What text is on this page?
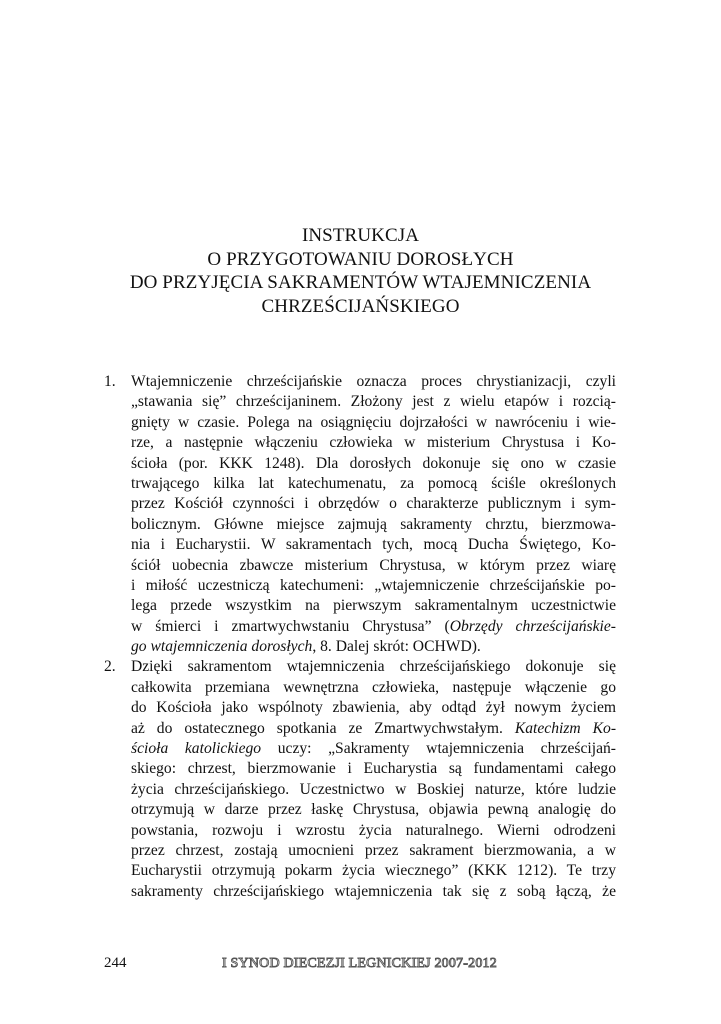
INSTRUKCJA
O PRZYGOTOWANIU DOROSŁYCH
DO PRZYJĘCIA SAKRAMENTÓW WTAJEMNICZENIA
CHRZEŚCIJAŃSKIEGO
1. Wtajemniczenie chrześcijańskie oznacza proces chrystianizacji, czyli
„stawania się” chrześcijaninem. Złożony jest z wielu etapów i rozcią-
gnięty w czasie. Polega na osiągnięciu dojrzałości w nawróceniu i wie-
rze, a następnie włączeniu człowieka w misterium Chrystusa i Ko-
ścioła (por. KKK 1248). Dla dorosłych dokonuje się ono w czasie
trwającego kilka lat katechumenatu, za pomocą ściśle określonych
przez Kościół czynności i obrzędów o charakterze publicznym i sym-
bolicznym. Główne miejsce zajmują sakramenty chrztu, bierzmowa-
nia i Eucharystii. W sakramentach tych, mocą Ducha Świętego, Ko-
ściół uobecnia zbawcze misterium Chrystusa, w którym przez wiarę
i miłość uczestniczą katechumeni: „wtajemniczenie chrześcijańskie po-
lega przede wszystkim na pierwszym sakramentalnym uczestnictwie
w śmierci i zmartwychwstaniu Chrystusa” (Obrzędy chrześcijańskie-
go wtajemniczenia dorosłych, 8. Dalej skrót: OCHWD).
2. Dzięki sakramentom wtajemniczenia chrześcijańskiego dokonuje się
całkowita przemiana wewnętrzna człowieka, następuje włączenie go
do Kościoła jako wspólnoty zbawienia, aby odtąd żył nowym życiem
aż do ostatecznego spotkania ze Zmartwychwstałym. Katechizm Ko-
ścioła katolickiego uczy: „Sakramenty wtajemniczenia chrześcijań-
skiego: chrzest, bierzmowanie i Eucharystia są fundamentami całego
życia chrześcijańskiego. Uczestnictwo w Boskiej naturze, które ludzie
otrzymują w darze przez łaskę Chrystusa, objawia pewną analogię do
powstania, rozwoju i wzrostu życia naturalnego. Wierni odrodzeni
przez chrzest, zostają umocnieni przez sakrament bierzmowania, a w
Eucharystii otrzymują pokarm życia wiecznego” (KKK 1212). Te trzy
sakramenty chrześcijańskiego wtajemniczenia tak się z sobą łączą, że
244	I SYNOD DIECEZJI LEGNICKIEJ 2007-2012
